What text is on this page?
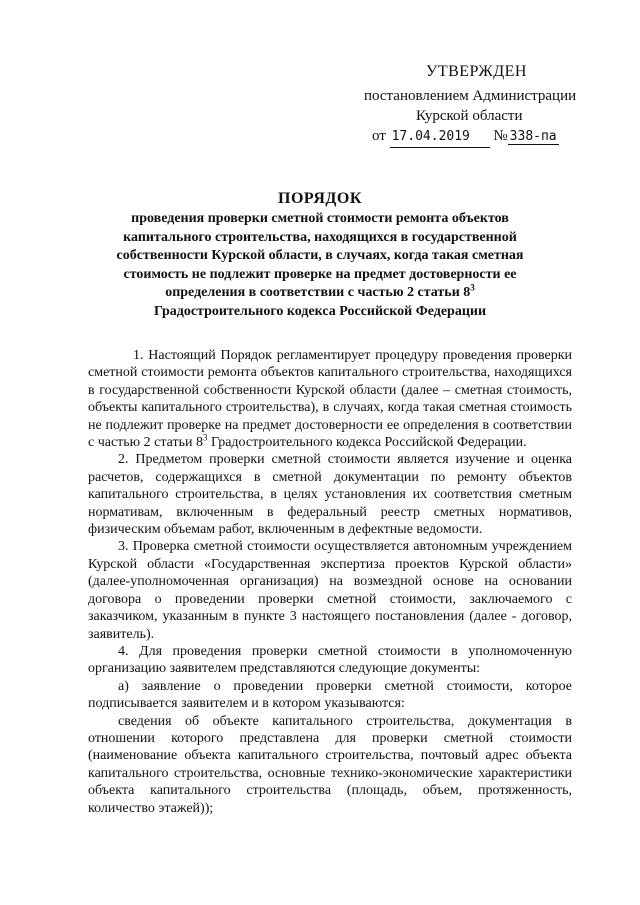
УТВЕРЖДЕН
постановлением Администрации
Курской области
от 17.04.2019 № 338-па
ПОРЯДОК
проведения проверки сметной стоимости ремонта объектов капитального строительства, находящихся в государственной собственности Курской области, в случаях, когда такая сметная стоимость не подлежит проверке на предмет достоверности ее определения в соответствии с частью 2 статьи $8^3$ Градостроительного кодекса Российской Федерации

1. Настоящий Порядок регламентирует процедуру проведения проверки сметной стоимости ремонта объектов капитального строительства, находящихся в государственной собственности Курской области (далее – сметная стоимость, объекты капитального строительства), в случаях, когда такая сметная стоимость не подлежит проверке на предмет достоверности ее определения в соответствии с частью 2 статьи $8^3$ Градостроительного кодекса Российской Федерации.

2. Предметом проверки сметной стоимости является изучение и оценка расчетов, содержащихся в сметной документации по ремонту объектов капитального строительства, в целях установления их соответствия сметным нормативам, включенным в федеральный реестр сметных нормативов, физическим объемам работ, включенным в дефектные ведомости.

3. Проверка сметной стоимости осуществляется автономным учреждением Курской области «Государственная экспертиза проектов Курской области» (далее-уполномоченная организация) на возмездной основе на основании договора о проведении проверки сметной стоимости, заключаемого с заказчиком, указанным в пункте 3 настоящего постановления (далее - договор, заявитель).

4. Для проведения проверки сметной стоимости в уполномоченную организацию заявителем представляются следующие документы:

а) заявление о проведении проверки сметной стоимости, которое подписывается заявителем и в котором указываются:

сведения об объекте капитального строительства, документация в отношении которого представлена для проверки сметной стоимости (наименование объекта капитального строительства, почтовый адрес объекта капитального строительства, основные технико-экономические характеристики объекта капитального строительства (площадь, объем, протяженность, количество этажей));
